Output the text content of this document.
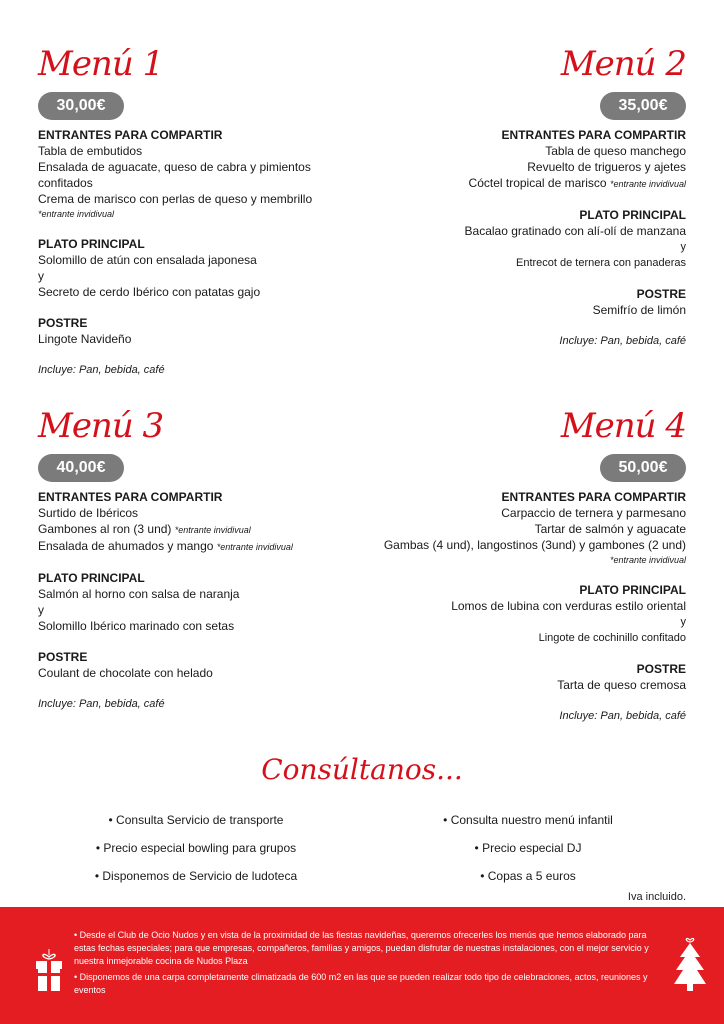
Menú 1
30,00€
ENTRANTES PARA COMPARTIR
Tabla de embutidos
Ensalada de aguacate, queso de cabra y pimientos confitados
Crema de marisco con perlas de queso y membrillo
*entrante invidivual
PLATO PRINCIPAL
Solomillo de atún con ensalada japonesa
y
Secreto de cerdo Ibérico con patatas gajo
POSTRE
Lingote Navideño
Incluye: Pan, bebida, café
Menú 2
35,00€
ENTRANTES PARA COMPARTIR
Tabla de queso manchego
Revuelto de trigueros y ajetes
Cóctel tropical de marisco *entrante invidivual
PLATO PRINCIPAL
Bacalao gratinado con alí-olí de manzana
y
Entrecot de ternera con panaderas
POSTRE
Semifrío de limón
Incluye: Pan, bebida, café
Menú 3
40,00€
ENTRANTES PARA COMPARTIR
Surtido de Ibéricos
Gambones al ron (3 und) *entrante invidivual
Ensalada de ahumados y mango *entrante invidivual
PLATO PRINCIPAL
Salmón al horno con salsa de naranja
y
Solomillo Ibérico marinado con setas
POSTRE
Coulant de chocolate con helado
Incluye: Pan, bebida, café
Menú 4
50,00€
ENTRANTES PARA COMPARTIR
Carpaccio de ternera y parmesano
Tartar de salmón y aguacate
Gambas (4 und), langostinos (3und) y gambones (2 und)
*entrante invidivual
PLATO PRINCIPAL
Lomos de lubina con verduras estilo oriental
y
Lingote de cochinillo confitado
POSTRE
Tarta de queso cremosa
Incluye: Pan, bebida, café
Consúltanos...
• Consulta Servicio de transporte
• Precio especial bowling para grupos
• Disponemos de Servicio de ludoteca
• Consulta nuestro menú infantil
• Precio especial DJ
• Copas a 5 euros
Iva incluido.

• Desde el Club de Ocio Nudos y en vista de la proximidad de las fiestas navideñas, queremos ofrecerles los menús que hemos elaborado para estas fechas especiales; para que empresas, compañeros, familias y amigos, puedan disfrutar de nuestras instalaciones, con el mejor servicio y nuestra inmejorable cocina de Nudos Plaza

• Disponemos de una carpa completamente climatizada de 600 m2 en las que se pueden realizar todo tipo de celebraciones, actos, reuniones y eventos
